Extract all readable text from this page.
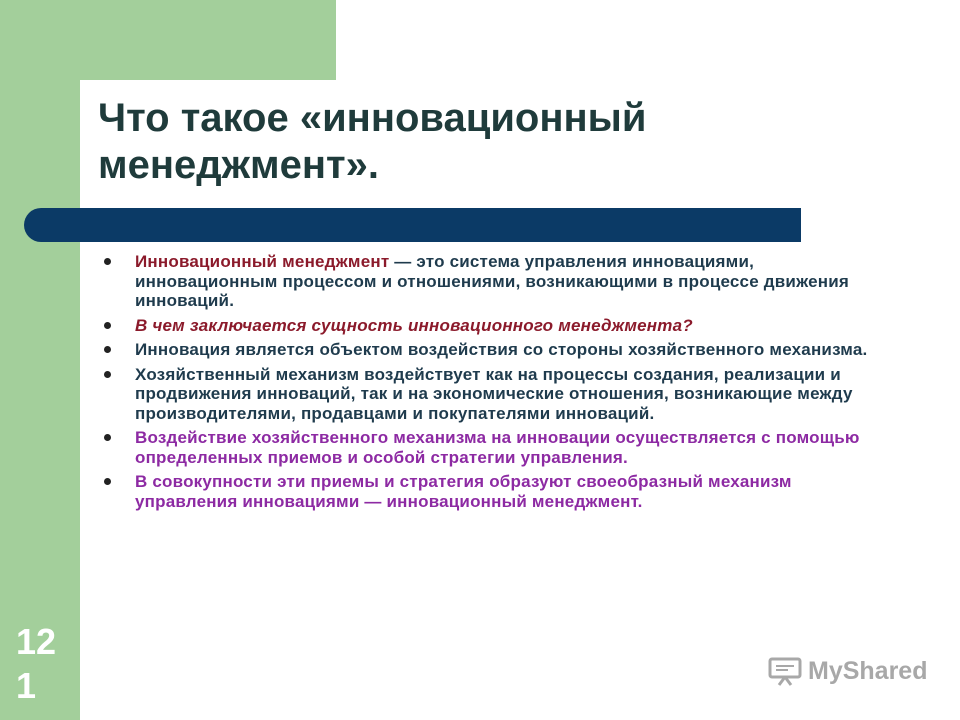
Что такое «инновационный менеджмент».
Инновационный менеджмент — это система управления инновациями, инновационным процессом и отношениями, возникающими в процессе движения инноваций.
В чем заключается сущность инновационного менеджмента?
Инновация является объектом воздействия со стороны хозяйственного механизма.
Хозяйственный механизм воздействует как на процессы создания, реализации и продвижения инноваций, так и на экономические отношения, возникающие между производителями, продавцами и покупателями инноваций.
Воздействие хозяйственного механизма на инновации осуществляется с помощью определенных приемов и особой стратегии управления.
В совокупности эти приемы и стратегия образуют своеобразный механизм управления инновациями — инновационный менеджмент.
12
1	MyShared
